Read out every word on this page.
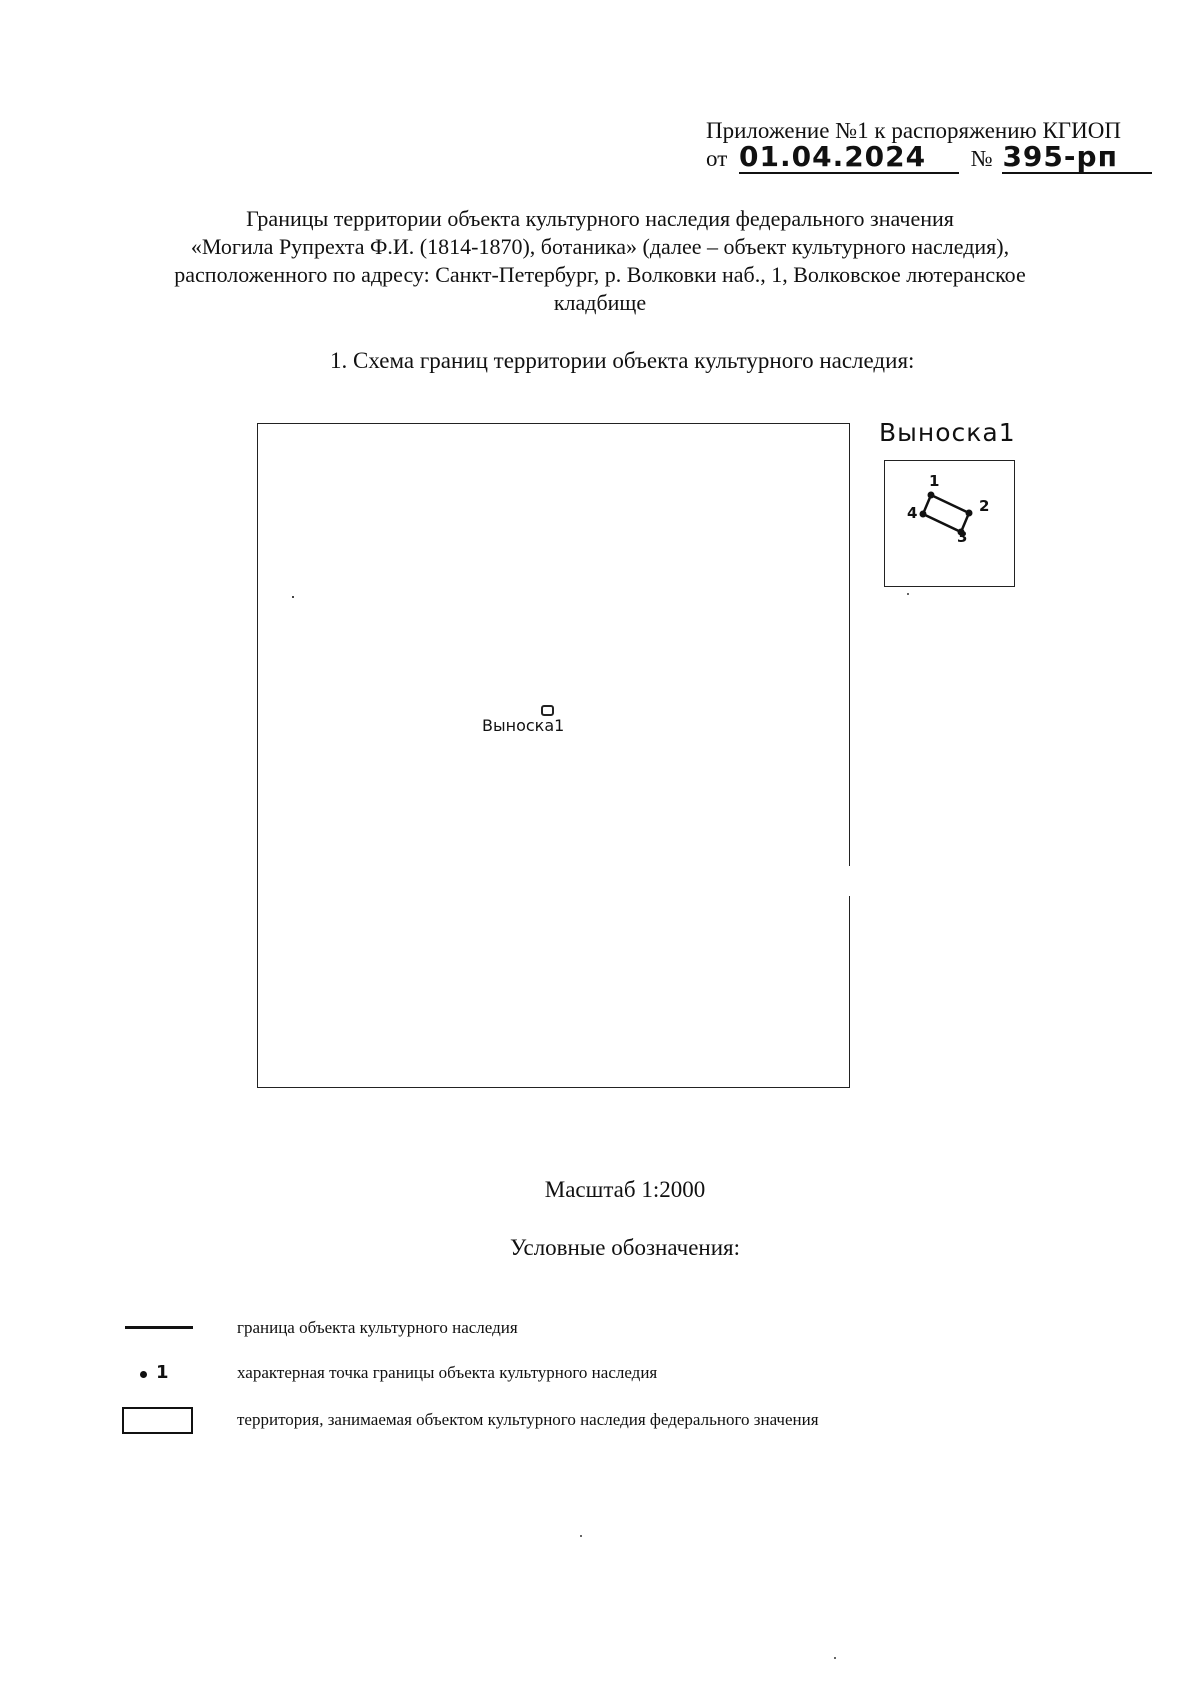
Приложение №1 к распоряжению КГИОП
от 01.04.2024 № 395-рп
Границы территории объекта культурного наследия федерального значения
«Могила Рупрехта Ф.И. (1814-1870), ботаника» (далее – объект культурного наследия),
расположенного по адресу: Санкт-Петербург, р. Волковки наб., 1, Волковское лютеранское
кладбище
1. Схема границ территории объекта культурного наследия:
Выноска1
Выноска1
1
2
3
4
Масштаб 1:2000
Условные обозначения:
граница объекта культурного наследия
1	характерная точка границы объекта культурного наследия
территория, занимаемая объектом культурного наследия федерального значения
